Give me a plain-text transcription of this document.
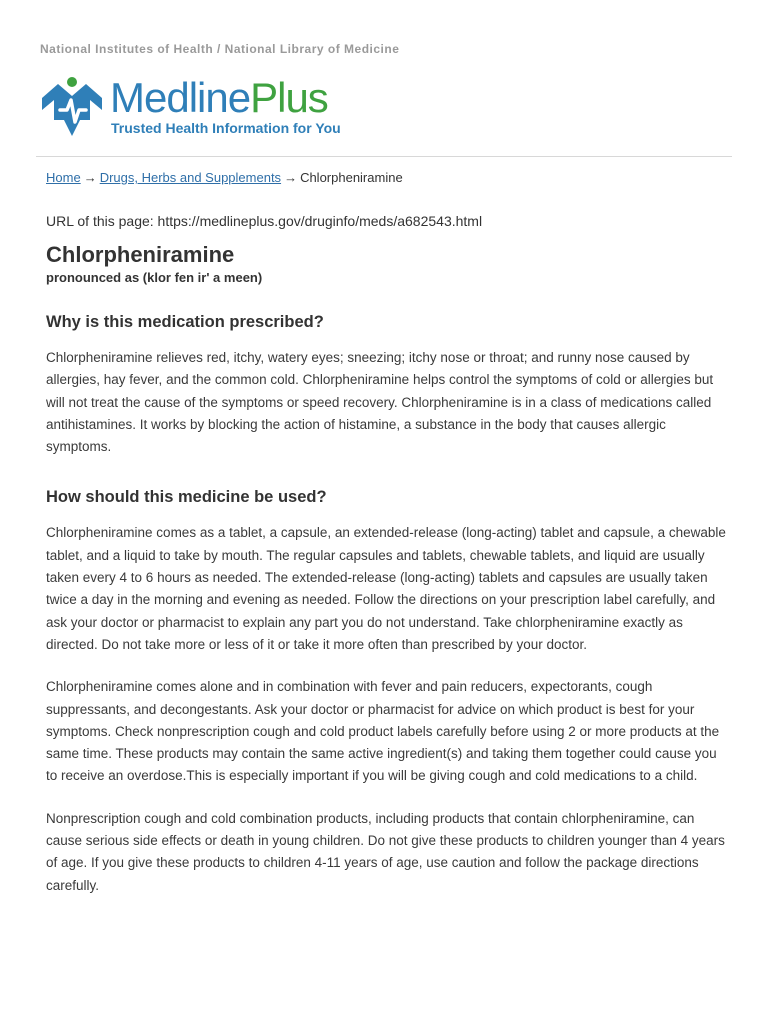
National Institutes of Health / National Library of Medicine
MedlinePlus
Trusted Health Information for You
Home → Drugs, Herbs and Supplements → Chlorpheniramine
URL of this page: https://medlineplus.gov/druginfo/meds/a682543.html
Chlorpheniramine
pronounced as (klor fen ir' a meen)
Why is this medication prescribed?

Chlorpheniramine relieves red, itchy, watery eyes; sneezing; itchy nose or throat; and runny nose caused by allergies, hay fever, and the common cold. Chlorpheniramine helps control the symptoms of cold or allergies but will not treat the cause of the symptoms or speed recovery. Chlorpheniramine is in a class of medications called antihistamines. It works by blocking the action of histamine, a substance in the body that causes allergic symptoms.

How should this medicine be used?

Chlorpheniramine comes as a tablet, a capsule, an extended-release (long-acting) tablet and capsule, a chewable tablet, and a liquid to take by mouth. The regular capsules and tablets, chewable tablets, and liquid are usually taken every 4 to 6 hours as needed. The extended-release (long-acting) tablets and capsules are usually taken twice a day in the morning and evening as needed. Follow the directions on your prescription label carefully, and ask your doctor or pharmacist to explain any part you do not understand. Take chlorpheniramine exactly as directed. Do not take more or less of it or take it more often than prescribed by your doctor.

Chlorpheniramine comes alone and in combination with fever and pain reducers, expectorants, cough suppressants, and decongestants. Ask your doctor or pharmacist for advice on which product is best for your symptoms. Check nonprescription cough and cold product labels carefully before using 2 or more products at the same time. These products may contain the same active ingredient(s) and taking them together could cause you to receive an overdose.This is especially important if you will be giving cough and cold medications to a child.

Nonprescription cough and cold combination products, including products that contain chlorpheniramine, can cause serious side effects or death in young children. Do not give these products to children younger than 4 years of age. If you give these products to children 4-11 years of age, use caution and follow the package directions carefully.
